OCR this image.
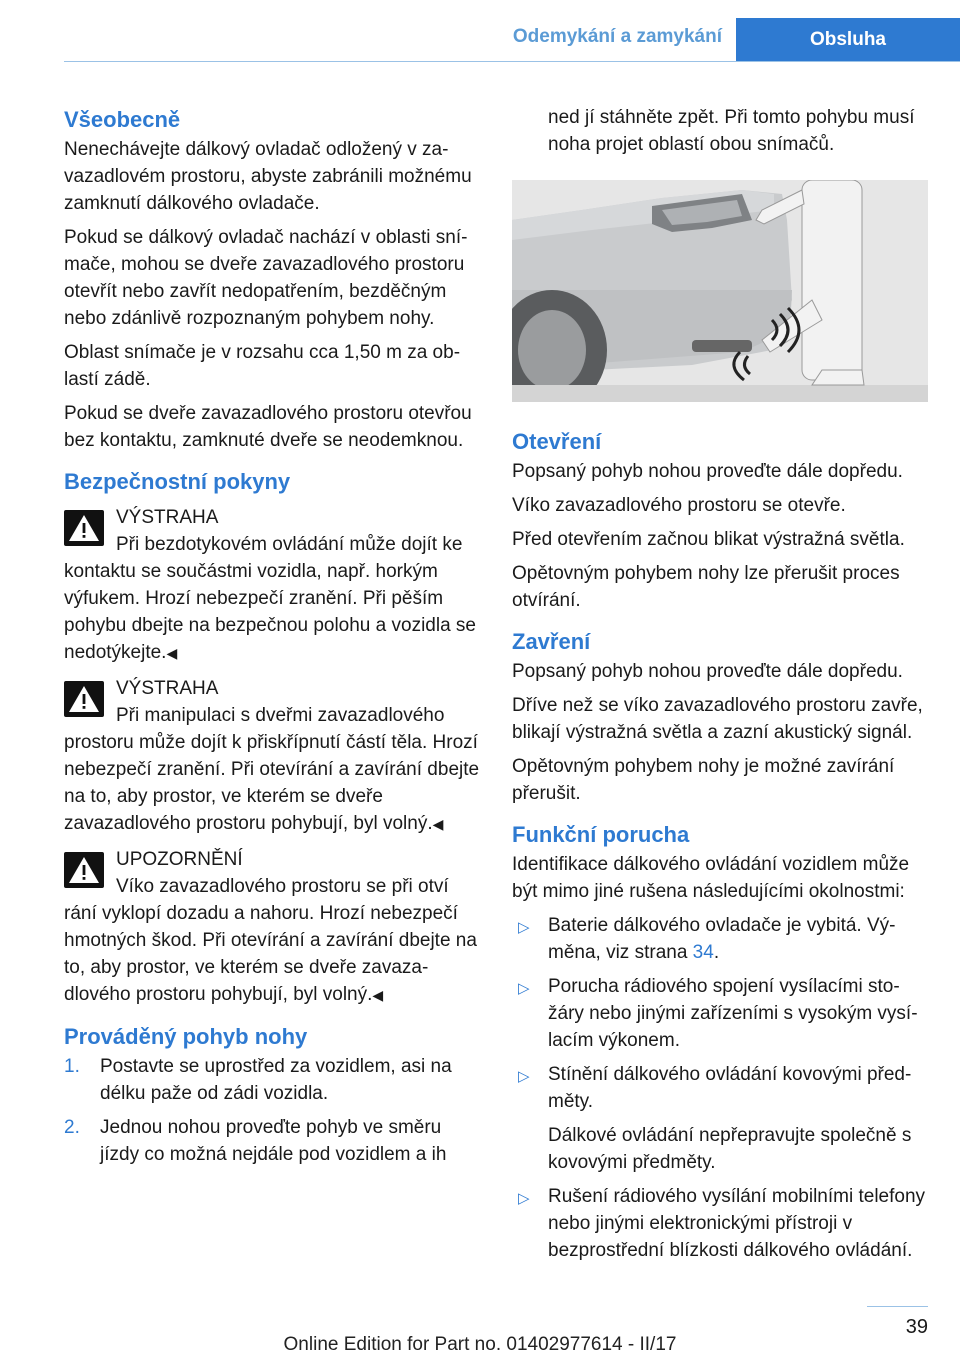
Odemykání a zamykání	Obsluha
Všeobecně

Nenechávejte dálkový ovladač odložený v zavazadlovém prostoru, abyste zabránili možnému zamknutí dálkového ovladače.

Pokud se dálkový ovladač nachází v oblasti snímače, mohou se dveře zavazadlového prostoru otevřít nebo zavřít nedopatřením, bezděčným nebo zdánlivě rozpoznaným pohybem nohy.

Oblast snímače je v rozsahu cca 1,50 m za oblastí zádě.

Pokud se dveře zavazadlového prostoru otevřou bez kontaktu, zamknuté dveře se neodemknou.

Bezpečnostní pokyny
VÝSTRAHA
Při bezdotykovém ovládání může dojít ke
kontaktu se součástmi vozidla, např. horkým výfukem. Hrozí nebezpečí zranění. Při pěším pohybu dbejte na bezpečnou polohu a vozidla se nedotýkejte.◀
VÝSTRAHA
Při manipulaci s dveřmi zavazadlového
prostoru může dojít k přiskřípnutí částí těla. Hrozí nebezpečí zranění. Při otevírání a zavírání dbejte na to, aby prostor, ve kterém se dveře zavazadlového prostoru pohybují, byl volný.◀
UPOZORNĚNÍ
Víko zavazadlového prostoru se při otví
rání vyklopí dozadu a nahoru. Hrozí nebezpečí hmotných škod. Při otevírání a zavírání dbejte na to, aby prostor, ve kterém se dveře zavazadlového prostoru pohybují, byl volný.◀
Prováděný pohyb nohy
1. Postavte se uprostřed za vozidlem, asi na délku paže od zádi vozidla.
2. Jednou nohou proveďte pohyb ve směru jízdy co možná nejdále pod vozidlem a ih

ned jí stáhněte zpět. Při tomto pohybu musí noha projet oblastí obou snímačů.

Otevření

Popsaný pohyb nohou proveďte dále dopředu.

Víko zavazadlového prostoru se otevře.

Před otevřením začnou blikat výstražná světla.

Opětovným pohybem nohy lze přerušit proces otvírání.

Zavření

Popsaný pohyb nohou proveďte dále dopředu.

Dříve než se víko zavazadlového prostoru zavře, blikají výstražná světla a zazní akustický signál.

Opětovným pohybem nohy je možné zavírání přerušit.

Funkční porucha

Identifikace dálkového ovládání vozidlem může být mimo jiné rušena následujícími okolnostmi:

▷ Baterie dálkového ovladače je vybitá. Výměna, viz strana 34.
▷ Porucha rádiového spojení vysílacími stožáry nebo jinými zařízeními s vysokým vysílacím výkonem.
▷ Stínění dálkového ovládání kovovými předměty.
Dálkové ovládání nepřepravujte společně s kovovými předměty.
▷ Rušení rádiového vysílání mobilními telefony nebo jinými elektronickými přístroji v bezprostřední blízkosti dálkového ovládání.
39
Online Edition for Part no. 01402977614 - II/17
